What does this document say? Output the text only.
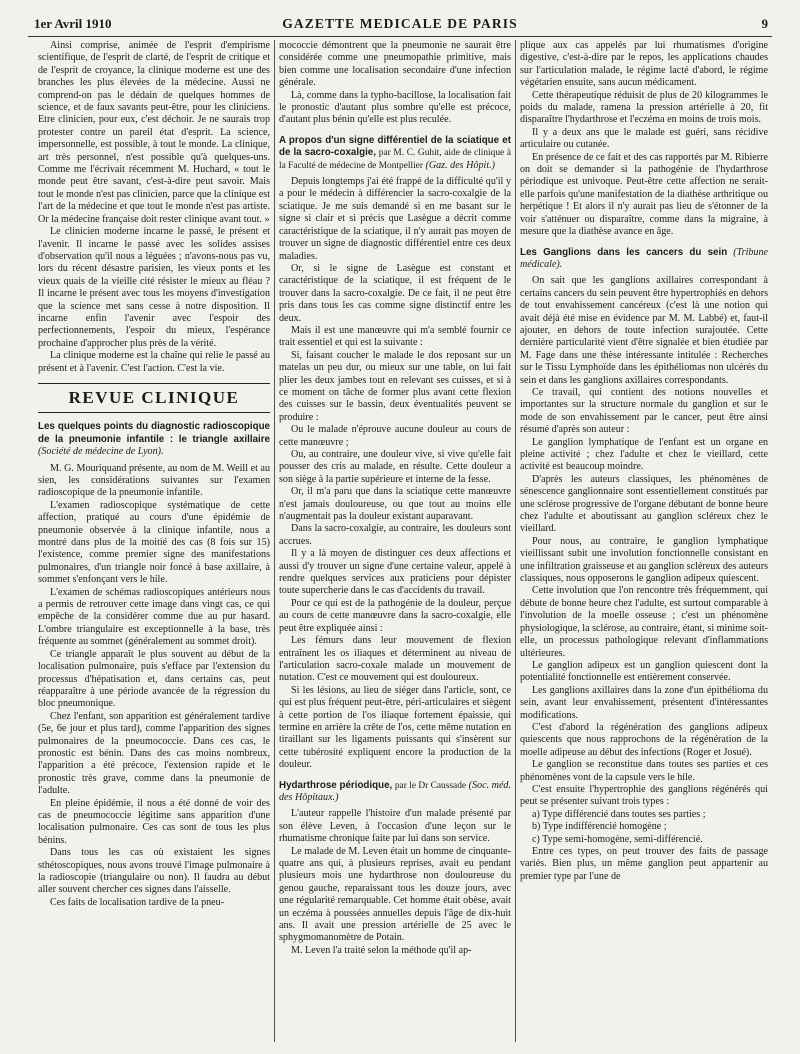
1er Avril 1910	GAZETTE MEDICALE DE PARIS	9

Ainsi comprise, animée de l'esprit d'empirisme scientifique, de l'esprit de clarté, de l'esprit de critique et de l'esprit de croyance, la clinique moderne est une des branches les plus élevées de la médecine. Aussi ne comprend-on pas le dédain de quelques hommes de science, et de faux savants peut-être, pour les cliniciens. Etre clinicien, pour eux, c'est déchoir. Je ne saurais trop protester contre un pareil état d'esprit. La science, impersonnelle, est possible, à tout le monde. La clinique, art très personnel, n'est possible qu'à quelques-uns. Comme me l'écrivait récemment M. Huchard, « tout le monde peut être savant, c'est-à-dire peut savoir. Mais tout le monde n'est pas clinicien, parce que la clinique est l'art de la médecine et que tout le monde n'est pas artiste. Or la médecine française doit rester clinique avant tout. »

Le clinicien moderne incarne le passé, le présent et l'avenir. Il incarne le passé avec les solides assises d'observation qu'il nous a léguées ; n'avons-nous pas vu, lors du récent désastre parisien, les vieux ponts et les vieux quais de la vieille cité résister le mieux au fléau ? Il incarne le présent avec tous les moyens d'investigation que la science met sans cesse à notre disposition. Il incarne enfin l'avenir avec l'espoir des perfectionnements, l'espoir du mieux, l'espérance prochaine d'approcher plus près de la vérité.

La clinique moderne est la chaîne qui relie le passé au présent et à l'avenir. C'est l'action. C'est la vie.

REVUE CLINIQUE

Les quelques points du diagnostic radioscopique de la pneumonie infantile : le triangle axillaire (Société de médecine de Lyon).

M. G. Mouriquand présente, au nom de M. Weill et au sien, les considérations suivantes sur l'examen radioscopique de la pneumonie infantile.

L'examen radioscopique systématique de cette affection, pratiqué au cours d'une épidémie de pneumonie observée à la clinique infantile, nous a montré dans plus de la moitié des cas (8 fois sur 15) l'existence, comme premier signe des manifestations pulmonaires, d'un triangle noir foncé à base axillaire, à sommet s'enfonçant vers le hile.

L'examen de schémas radioscopiques antérieurs nous a permis de retrouver cette image dans vingt cas, ce qui empêche de la considérer comme due au pur hasard. L'ombre triangulaire est exceptionnelle à la base, très fréquente au sommet (généralement au sommet droit).

Ce triangle apparaît le plus souvent au début de la localisation pulmonaire, puis s'efface par l'extension du processus d'hépatisation et, dans certains cas, peut réapparaître à une période avancée de la régression du bloc pneumonique.

Chez l'enfant, son apparition est généralement tardive (5e, 6e jour et plus tard), comme l'apparition des signes pulmonaires de la pneumococcie. Dans ces cas, le pronostic est bénin. Dans des cas moins nombreux, l'apparition a été précoce, l'extension rapide et le pronostic très grave, comme dans la pneumonie de l'adulte.

En pleine épidémie, il nous a été donné de voir des cas de pneumococcie légitime sans apparition d'une localisation pulmonaire. Ces cas sont de tous les plus bénins.

Dans tous les cas où existaient les signes sthétoscopiques, nous avons trouvé l'image pulmonaire à la radioscopie (triangulaire ou non). Il faudra au début aller souvent chercher ces signes dans l'aisselle.

Ces faits de localisation tardive de la pneu-

mococcie démontrent que la pneumonie ne saurait être considérée comme une pneumopathie primitive, mais bien comme une localisation secondaire d'une infection générale.

Là, comme dans la typho-bacillose, la localisation fait le pronostic d'autant plus sombre qu'elle est précoce, d'autant plus bénin qu'elle est plus reculée.

A propos d'un signe différentiel de la sciatique et de la sacro-coxalgie, par M. C. Guhit, aide de clinique à la Faculté de médecine de Montpellier (Gaz. des Hôpit.)

Depuis longtemps j'ai été frappé de la difficulté qu'il y a pour le médecin à différencier la sacro-coxalgie de la sciatique. Je me suis demandé si en me basant sur le signe si clair et si précis que Lasègue a décrit comme caractéristique de la sciatique, il n'y aurait pas moyen de trouver un signe de diagnostic différentiel entre ces deux maladies.

Or, si le signe de Lasègue est constant et caractéristique de la sciatique, il est fréquent de le trouver dans la sacro-coxalgie. De ce fait, il ne peut être pris dans tous les cas comme signe distinctif entre les deux.

Mais il est une manœuvre qui m'a semblé fournir ce trait essentiel et qui est la suivante :

Si, faisant coucher le malade le dos reposant sur un matelas un peu dur, ou mieux sur une table, on lui fait plier les deux jambes tout en relevant ses cuisses, et si à ce moment on tâche de former plus avant cette flexion des cuisses sur le bassin, deux éventualités peuvent se produire :

Ou le malade n'éprouve aucune douleur au cours de cette manœuvre ;

Ou, au contraire, une douleur vive, si vive qu'elle fait pousser des cris au malade, en résulte. Cette douleur a son siège à la partie supérieure et interne de la fesse.

Or, il m'a paru que dans la sciatique cette manœuvre n'est jamais douloureuse, ou que tout au moins elle n'augmentait pas la douleur existant auparavant.

Dans la sacro-coxalgie, au contraire, les douleurs sont accrues.

Il y a là moyen de distinguer ces deux affections et aussi d'y trouver un signe d'une certaine valeur, appelé à rendre quelques services aux praticiens pour dépister toute supercherie dans le cas d'accidents du travail.

Pour ce qui est de la pathogénie de la douleur, perçue au cours de cette manœuvre dans la sacro-coxalgie, elle peut être expliquée ainsi :

Les fémurs dans leur mouvement de flexion entraînent les os iliaques et déterminent au niveau de l'articulation sacro-coxale malade un mouvement de nutation. C'est ce mouvement qui est douloureux.

Si les lésions, au lieu de siéger dans l'article, sont, ce qui est plus fréquent peut-être, péri-articulaires et siègent à cette portion de l'os iliaque fortement épaissie, qui termine en arrière la crête de l'os, cette même nutation en tiraillant sur les ligaments puissants qui s'insèrent sur cette tubérosité expliquent encore la production de la douleur.

Hydarthrose périodique, par le Dr Caussade (Soc. méd. des Hôpitaux.)

L'auteur rappelle l'histoire d'un malade présenté par son élève Leven, à l'occasion d'une leçon sur le rhumatisme chronique faite par lui dans son service.

Le malade de M. Leven était un homme de cinquante-quatre ans qui, à plusieurs reprises, avait eu pendant plusieurs mois une hydarthrose non douloureuse du genou gauche, reparaissant tous les douze jours, avec une régularité remarquable. Cet homme était obèse, avait un eczéma à poussées annuelles depuis l'âge de dix-huit ans. Il avait une pression artérielle de 25 avec le sphygmomanomètre de Potain.

M. Leven l'a traité selon la méthode qu'il ap-

plique aux cas appelés par lui rhumatismes d'origine digestive, c'est-à-dire par le repos, les applications chaudes sur l'articulation malade, le régime lacté d'abord, le régime végétarien ensuite, sans aucun médicament.

Cette thérapeutique réduisit de plus de 20 kilogrammes le poids du malade, ramena la pression artérielle à 20, fit disparaître l'hydarthrose et l'eczéma en moins de trois mois.

Il y a deux ans que le malade est guéri, sans récidive articulaire ou cutanée.

En présence de ce fait et des cas rapportés par M. Ribierre on doit se demander si la pathogénie de l'hydarthrose périodique est univoque. Peut-être cette affection ne serait-elle parfois qu'une manifestation de la diathèse arthritique ou herpétique ! Et alors il n'y aurait pas lieu de s'étonner de la voir s'atténuer ou disparaître, comme dans la migraine, à mesure que la diathèse avance en âge.

Les Ganglions dans les cancers du sein (Tribune médicale).

On sait que les ganglions axillaires correspondant à certains cancers du sein peuvent être hypertrophiés en dehors de tout envahissement cancéreux (c'est là une notion qui avait déjà été mise en évidence par M. M. Labbé) et, faut-il ajouter, en dehors de toute infection surajoutée. Cette dernière particularité vient d'être signalée et bien étudiée par M. Fage dans une thèse intéressante intitulée : Recherches sur le Tissu Lymphoïde dans les épithéliomas non ulcérés du sein et dans les ganglions axillaires correspondants.

Ce travail, qui contient des notions nouvelles et importantes sur la structure normale du ganglion et sur le mode de son envahissement par le cancer, peut être ainsi résumé d'après son auteur :

Le ganglion lymphatique de l'enfant est un organe en pleine activité ; chez l'adulte et chez le vieillard, cette activité est beaucoup moindre.

D'après les auteurs classiques, les phénomènes de sénescence ganglionnaire sont essentiellement constitués par une sclérose progressive de l'organe débutant de bonne heure chez l'adulte et aboutissant au ganglion scléreux chez le vieillard.

Pour nous, au contraire, le ganglion lymphatique vieillissant subit une involution fonctionnelle consistant en une infiltration graisseuse et au ganglion scléreux des auteurs classiques, nous opposerons le ganglion adipeux quiescent.

Cette involution que l'on rencontre très fréquemment, qui débute de bonne heure chez l'adulte, est surtout comparable à l'involution de la moelle osseuse ; c'est un phénomène physiologique, la sclérose, au contraire, étant, si minime soit-elle, un processus pathologique relevant d'inflammations ultérieures.

Le ganglion adipeux est un ganglion quiescent dont la potentialité fonctionnelle est entièrement conservée.

Les ganglions axillaires dans la zone d'un épithélioma du sein, avant leur envahissement, présentent d'intéressantes modifications.

C'est d'abord la régénération des ganglions adipeux quiescents que nous rapprochons de la régénération de la moelle adipeuse au début des infections (Roger et Josué).

Le ganglion se reconstitue dans toutes ses parties et ces phénomènes vont de la capsule vers le hile.

C'est ensuite l'hypertrophie des ganglions régénérés qui peut se présenter suivant trois types :

a) Type différencié dans toutes ses parties ;

b) Type indifférencié homogène ;

c) Type semi-homogène, semi-différencié.

Entre ces types, on peut trouver des faits de passage variés. Bien plus, un même ganglion peut appartenir au premier type par l'une de
